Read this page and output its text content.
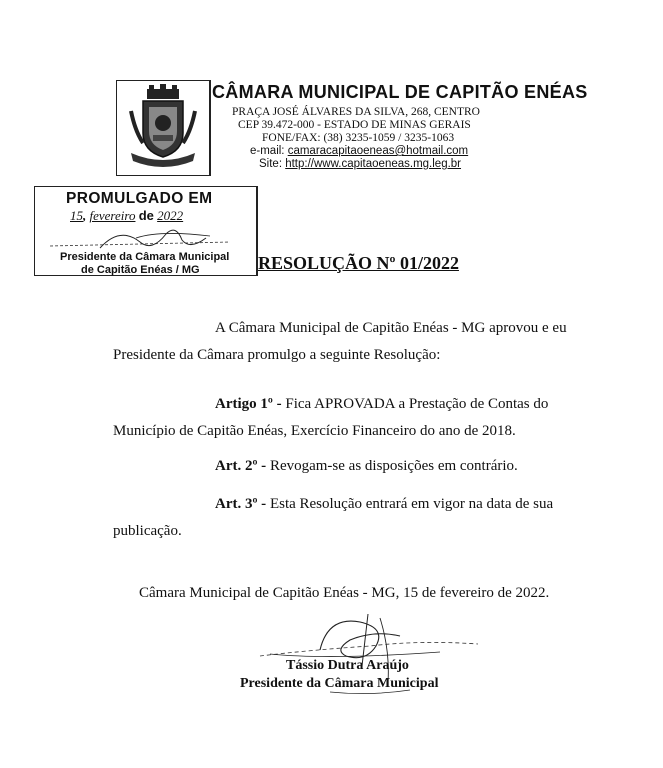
CÂMARA MUNICIPAL DE CAPITÃO ENÉAS
PRAÇA JOSÉ ÁLVARES DA SILVA, 268, CENTRO
CEP 39.472-000 - ESTADO DE MINAS GERAIS
FONE/FAX: (38) 3235-1059 / 3235-1063
e-mail: camaracapitaoeneas@hotmail.com
Site: http://www.capitaoeneas.mg.leg.br
PROMULGADO EM
15, fevereiro de 2022
Presidente da Câmara Municipal
de Capitão Enéas / MG	RESOLUÇÃO Nº 01/2022
A Câmara Municipal de Capitão Enéas - MG aprovou e eu
Presidente da Câmara promulgo a seguinte Resolução:
Artigo 1º - Fica APROVADA a Prestação de Contas do
Município de Capitão Enéas, Exercício Financeiro do ano de 2018.
Art. 2º - Revogam-se as disposições em contrário.
Art. 3º - Esta Resolução entrará em vigor na data de sua
publicação.
Câmara Municipal de Capitão Enéas - MG, 15 de fevereiro de 2022.
Tássio Dutra Araújo
Presidente da Câmara Municipal
